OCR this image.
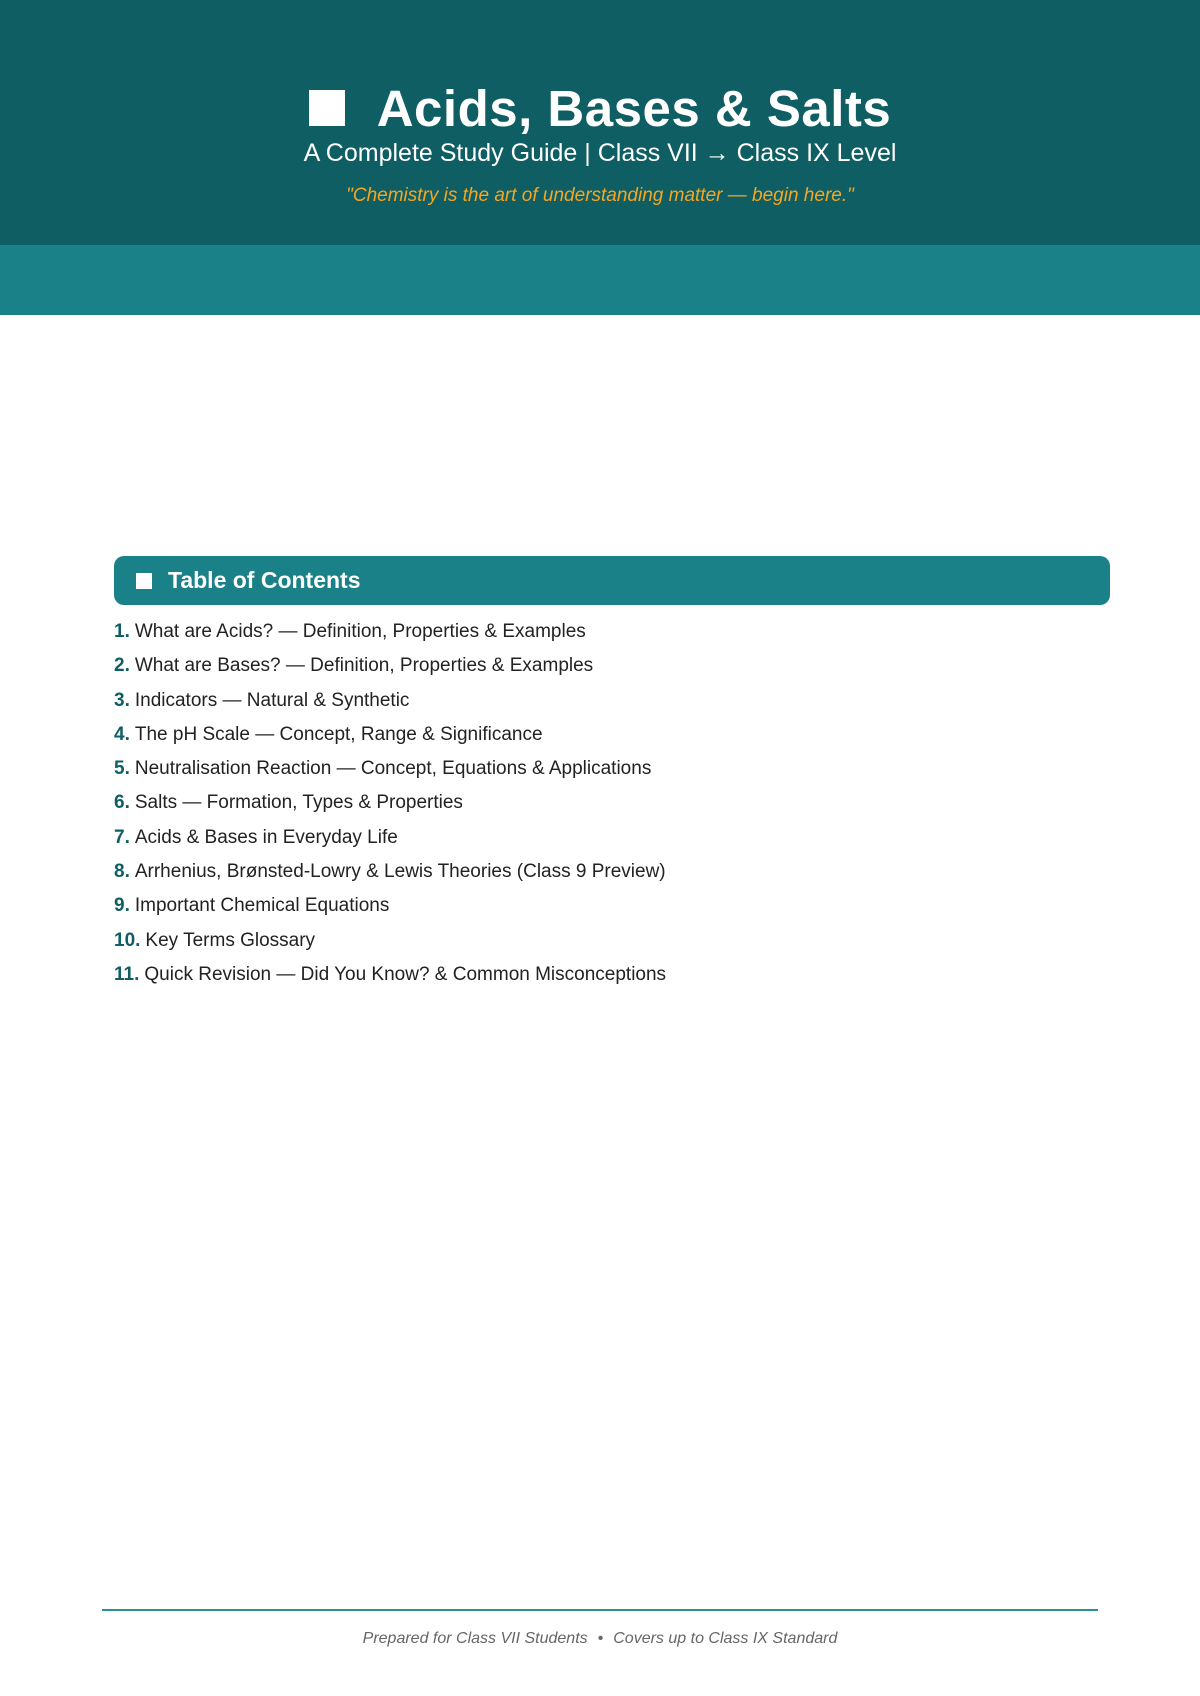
Acids, Bases & Salts
A Complete Study Guide | Class VII → Class IX Level
"Chemistry is the art of understanding matter — begin here."
Table of Contents
1. What are Acids? — Definition, Properties & Examples
2. What are Bases? — Definition, Properties & Examples
3. Indicators — Natural & Synthetic
4. The pH Scale — Concept, Range & Significance
5. Neutralisation Reaction — Concept, Equations & Applications
6. Salts — Formation, Types & Properties
7. Acids & Bases in Everyday Life
8. Arrhenius, Brønsted-Lowry & Lewis Theories (Class 9 Preview)
9. Important Chemical Equations
10. Key Terms Glossary
11. Quick Revision — Did You Know? & Common Misconceptions
Prepared for Class VII Students • Covers up to Class IX Standard
